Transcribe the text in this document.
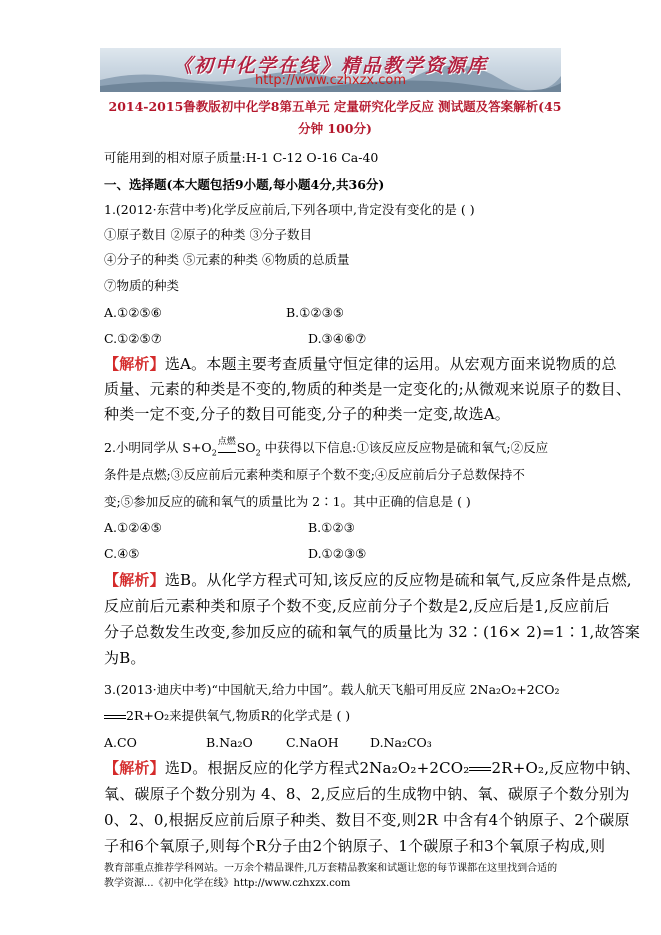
《初中化学在线》精品教学资源库
http://www.czhxzx.com
2014-2015鲁教版初中化学8第五单元 定量研究化学反应 测试题及答案解析(45
分钟 100分)
可能用到的相对原子质量:H-1 C-12 O-16 Ca-40
一、选择题(本大题包括9小题,每小题4分,共36分)
1.(2012·东营中考)化学反应前后,下列各项中,肯定没有变化的是 ( )
①原子数目 ②原子的种类 ③分子数目
④分子的种类 ⑤元素的种类 ⑥物质的总质量
⑦物质的种类
A.①②⑤⑥	B.①②③⑤
C.①②⑤⑦	D.③④⑥⑦
【解析】选A。本题主要考查质量守恒定律的运用。从宏观方面来说物质的总
质量、元素的种类是不变的,物质的种类是一定变化的;从微观来说原子的数目、
种类一定不变,分子的数目可能变,分子的种类一定变,故选A。
2.小明同学从 $S+O_2$点燃$SO_2$ 中获得以下信息:①该反应反应物是硫和氧气;②反应
条件是点燃;③反应前后元素种类和原子个数不变;④反应前后分子总数保持不
变;⑤参加反应的硫和氧气的质量比为 2∶1。其中正确的信息是 ( )
A.①②④⑤	B.①②③
C.④⑤	D.①②③⑤
【解析】选B。从化学方程式可知,该反应的反应物是硫和氧气,反应条件是点燃,
反应前后元素种类和原子个数不变,反应前分子个数是2,反应后是1,反应前后
分子总数发生改变,参加反应的硫和氧气的质量比为 32∶(16× 2)=1∶1,故答案
为B。
3.(2013·迪庆中考)“中国航天,给力中国”。载人航天飞船可用反应 2Na₂O₂+2CO₂
2R+O₂来提供氧气,物质R的化学式是 ( )
A.CO	B.Na₂O	C.NaOH	D.Na₂CO₃
【解析】选D。根据反应的化学方程式2Na₂O₂+2CO₂ 2R+O₂,反应物中钠、
氧、碳原子个数分别为 4、8、2,反应后的生成物中钠、氧、碳原子个数分别为
0、2、0,根据反应前后原子种类、数目不变,则2R 中含有4个钠原子、2个碳原
子和6个氧原子,则每个R分子由2个钠原子、1个碳原子和3个氧原子构成,则
教育部重点推荐学科网站。一万余个精品课件,几万套精品教案和试题让您的每节课都在这里找到合适的
教学资源...《初中化学在线》http://www.czhxzx.com
